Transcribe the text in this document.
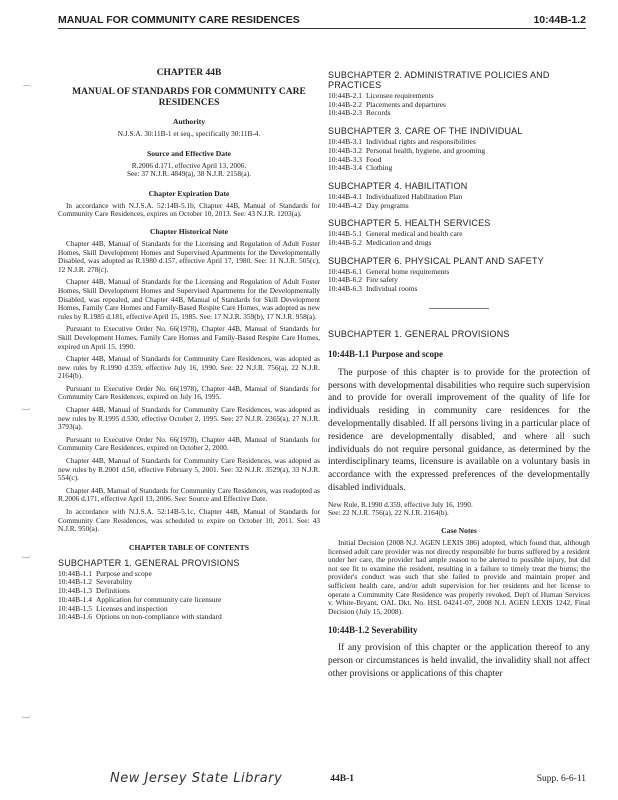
MANUAL FOR COMMUNITY CARE RESIDENCES	10:44B-1.2
⌒
‿
‿
‿

CHAPTER 44B

MANUAL OF STANDARDS FOR COMMUNITY CARE RESIDENCES

Authority

N.J.S.A. 30:11B-1 et seq., specifically 30:11B-4.

Source and Effective Date

R.2006 d.171, effective April 13, 2006.

See: 37 N.J.R. 4849(a), 38 N.J.R. 2158(a).

Chapter Expiration Date

In accordance with N.J.S.A. 52:14B-5.1b, Chapter 44B, Manual of Standards for Community Care Residences, expires on October 10, 2013. See: 43 N.J.R. 1203(a).

Chapter Historical Note

Chapter 44B, Manual of Standards for the Licensing and Regulation of Adult Foster Homes, Skill Development Homes and Supervised Apartments for the Developmentally Disabled, was adopted as R.1980 d.157, effective April 17, 1980. See: 11 N.J.R. 505(c), 12 N.J.R. 278(c).

Chapter 44B, Manual of Standards for the Licensing and Regulation of Adult Foster Homes, Skill Development Homes and Supervised Apartments for the Developmentally Disabled, was repealed, and Chapter 44B, Manual of Standards for Skill Development Homes, Family Care Homes and Family-Based Respite Care Homes, was adopted as new rules by R.1985 d.181, effective April 15, 1985. See: 17 N.J.R. 359(b), 17 N.J.R. 958(a).

Pursuant to Executive Order No. 66(1978), Chapter 44B, Manual of Standards for Skill Development Homes, Family Care Homes and Family-Based Respite Care Homes, expired on April 15, 1990.

Chapter 44B, Manual of Standards for Community Care Residences, was adopted as new rules by R.1990 d.359, effective July 16, 1990. See: 22 N.J.R. 756(a), 22 N.J.R. 2164(b).

Pursuant to Executive Order No. 66(1978), Chapter 44B, Manual of Standards for Community Care Residences, expired on July 16, 1995.

Chapter 44B, Manual of Standards for Community Care Residences, was adopted as new rules by R.1995 d.530, effective October 2, 1995. See: 27 N.J.R. 2365(a), 27 N.J.R. 3793(a).

Pursuant to Executive Order No. 66(1978), Chapter 44B, Manual of Standards for Community Care Residences, expired on October 2, 2000.

Chapter 44B, Manual of Standards for Community Care Residences, was adopted as new rules by R.2001 d.50, effective February 5, 2001. See: 32 N.J.R. 3529(a), 33 N.J.R. 554(c).

Chapter 44B, Manual of Standards for Community Care Residences, was readopted as R.2006 d.171, effective April 13, 2006. See: Source and Effective Date.

In accordance with N.J.S.A. 52:14B-5.1c, Chapter 44B, Manual of Standards for Community Care Residences, was scheduled to expire on October 10, 2011. See: 43 N.J.R. 950(a).

CHAPTER TABLE OF CONTENTS

SUBCHAPTER 1. GENERAL PROVISIONS
10:44B-1.1 Purpose and scope
10:44B-1.2 Severability
10:44B-1.3 Definitions
10:44B-1.4 Application for community care licensure
10:44B-1.5 Licenses and inspection
10:44B-1.6 Options on non-compliance with standard
SUBCHAPTER 2. ADMINISTRATIVE POLICIES AND PRACTICES
10:44B-2.1 Licensee requirements
10:44B-2.2 Placements and departures
10:44B-2.3 Records
SUBCHAPTER 3. CARE OF THE INDIVIDUAL
10:44B-3.1 Individual rights and responsibilities
10:44B-3.2 Personal health, hygiene, and grooming
10:44B-3.3 Food
10:44B-3.4 Clothing
SUBCHAPTER 4. HABILITATION
10:44B-4.1 Individualized Habilitation Plan
10:44B-4.2 Day programs
SUBCHAPTER 5. HEALTH SERVICES
10:44B-5.1 General medical and health care
10:44B-5.2 Medication and drugs
SUBCHAPTER 6. PHYSICAL PLANT AND SAFETY
10:44B-6.1 General home requirements
10:44B-6.2 Fire safety
10:44B-6.3 Individual rooms
SUBCHAPTER 1. GENERAL PROVISIONS
10:44B-1.1 Purpose and scope

The purpose of this chapter is to provide for the protection of persons with developmental disabilities who require such supervision and to provide for overall improvement of the quality of life for individuals residing in community care residences for the developmentally disabled. If all persons living in a particular place of residence are developmentally disabled, and where all such individuals do not require personal guidance, as determined by the interdisciplinary teams, licensure is available on a voluntary basis in accordance with the expressed preferences of the developmentally disabled individuals.

New Rule, R.1990 d.359, effective July 16, 1990.
See: 22 N.J.R. 756(a), 22 N.J.R. 2164(b).

Case Notes

Initial Decision (2008 N.J. AGEN LEXIS 386) adopted, which found that, although licensed adult care provider was not directly responsible for burns suffered by a resident under her care, the provider had ample reason to be alerted to possible injury, but did not see fit to examine the resident, resulting in a failure to timely treat the burns; the provider's conduct was such that she failed to provide and maintain proper and sufficient health care, and/or adult supervision for her residents and her license to operate a Community Care Residence was properly revoked. Dep't of Human Services v. White-Bryant, OAL Dkt. No. HSL 04241-07, 2008 N.J. AGEN LEXIS 1242, Final Decision (July 15, 2008).

10:44B-1.2 Severability

If any provision of this chapter or the application thereof to any person or circumstances is held invalid, the invalidity shall not affect other provisions or applications of this chapter

New Jersey State Library	44B-1	Supp. 6-6-11
